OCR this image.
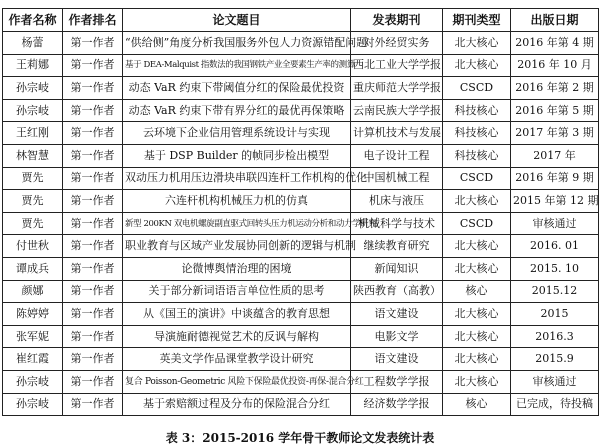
作者名称	作者排名	论文题目	发表期刊	期刊类型	出版日期
杨蕾	第一作者	“供给侧”角度分析我国服务外包人力资源错配问题	对外经贸实务	北大核心	2016 年第 4 期
王莉娜	第一作者	基于 DEA-Malquist 指数法的我国钢铁产业全要素生产率的测算	西北工业大学学报	北大核心	2016 年 10 月
孙宗岐	第一作者	动态 VaR 约束下带阈值分红的保险最优投资	重庆师范大学学报	CSCD	2016 年第 2 期
孙宗岐	第一作者	动态 VaR 约束下带有界分红的最优再保策略	云南民族大学学报	科技核心	2016 年第 5 期
王红刚	第一作者	云环境下企业信用管理系统设计与实现	计算机技术与发展	科技核心	2017 年第 3 期
林智慧	第一作者	基于 DSP Builder 的帧同步检出模型	电子设计工程	科技核心	2017 年
贾先	第一作者	双动压力机用压边滑块串联四连杆工作机构的优化	中国机械工程	CSCD	2016 年第 9 期
贾先	第一作者	六连杆机构机械压力机的仿真	机床与液压	北大核心	2015 年第 12 期
贾先	第一作者	新型 200KN 双电机螺旋副直驱式回转头压力机运动分析和动力学研究	机械科学与技术	CSCD	审核通过
付世秋	第一作者	职业教育与区域产业发展协同创新的逻辑与机制	继续教育研究	北大核心	2016. 01
谭成兵	第一作者	论微博舆情治理的困境	新闻知识	北大核心	2015. 10
颜娜	第一作者	关于部分新词语语言单位性质的思考	陕西教育（高教）	核心	2015.12
陈婷婷	第一作者	从《国王的演讲》中谈蕴含的教育思想	语文建设	北大核心	2015
张军妮	第一作者	导演施耐德视觉艺术的反讽与解构	电影文学	北大核心	2016.3
崔红霞	第一作者	英美文学作品课堂教学设计研究	语文建设	北大核心	2015.9
孙宗岐	第一作者	复合 Poisson-Geometric 风险下保险最优投资-再保-混合分红	工程数学学报	北大核心	审核通过
孙宗岐	第一作者	基于索赔额过程及分布的保险混合分红	经济数学学报	核心	已完成，待投稿
表 3：2015-2016 学年骨干教师论文发表统计表
